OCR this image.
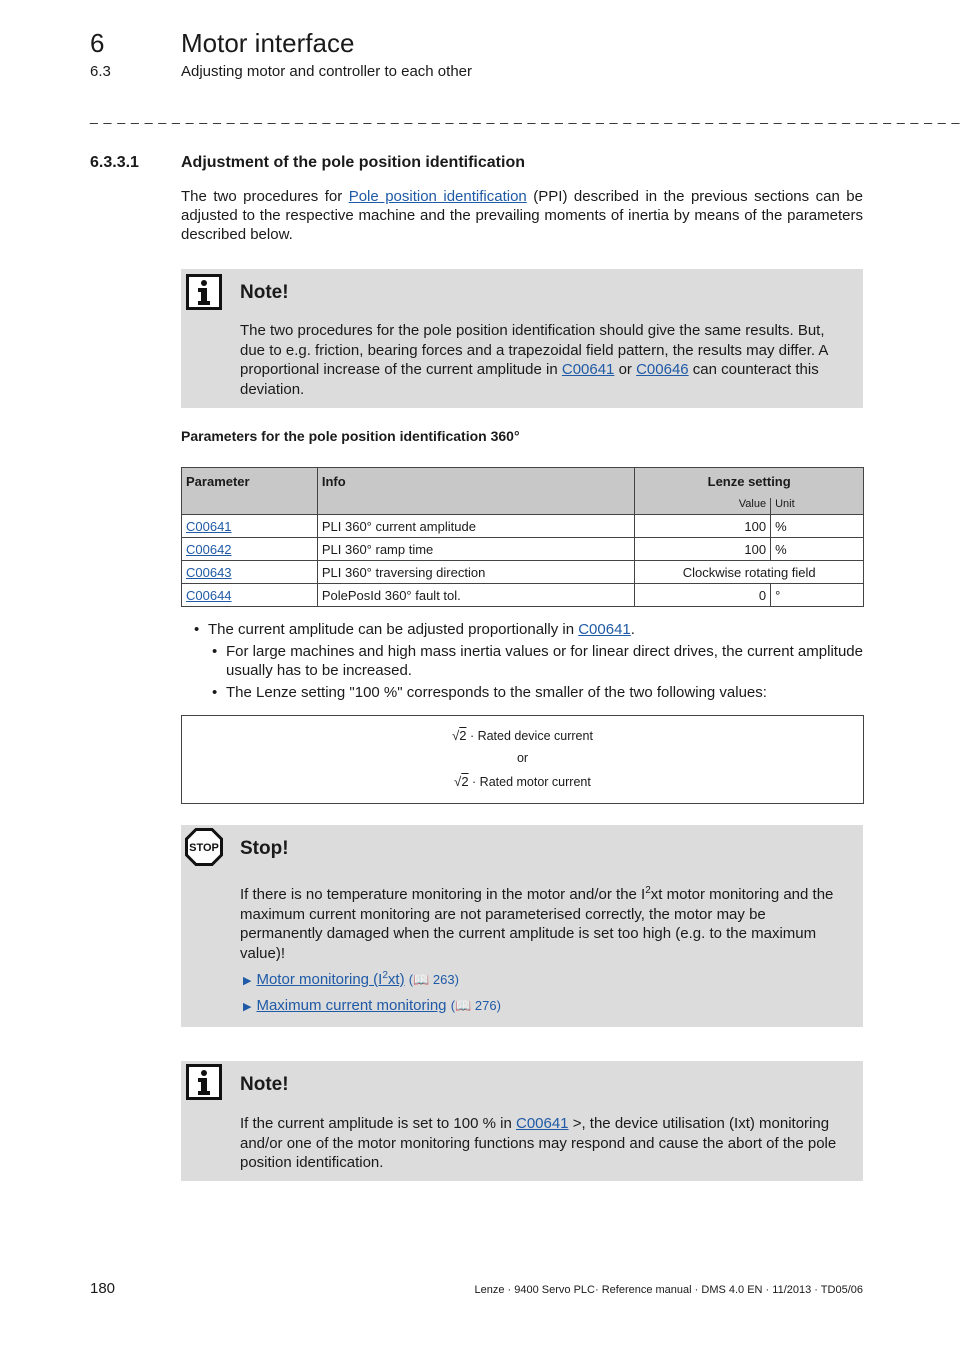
6	Motor interface
6.3	Adjusting motor and controller to each other
_ _ _ _ _ _ _ _ _ _ _ _ _ _ _ _ _ _ _ _ _ _ _ _ _ _ _ _ _ _ _ _ _ _ _ _ _ _ _ _ _ _ _ _ _ _ _ _ _ _ _ _ _ _ _ _ _ _ _ _ _ _ _ _
6.3.3.1	Adjustment of the pole position identification
The two procedures for Pole position identification (PPI) described in the previous sections can be adjusted to the respective machine and the prevailing moments of inertia by means of the parameters described below.
Note!
The two procedures for the pole position identification should give the same results. But, due to e.g. friction, bearing forces and a trapezoidal field pattern, the results may differ. A proportional increase of the current amplitude in C00641 or C00646 can counteract this deviation.
Parameters for the pole position identification 360°
Parameter	Info	Lenze setting	
		Value	Unit
C00641	PLI 360° current amplitude	100	%
C00642	PLI 360° ramp time	100	%
C00643	PLI 360° traversing direction	Clockwise rotating field	
C00644	PolePosId 360° fault tol.	0	°
• The current amplitude can be adjusted proportionally in C00641.
• For large machines and high mass inertia values or for linear direct drives, the current amplitude usually has to be increased.
• The Lenze setting "100 %" corresponds to the smaller of the two following values:
√2 · Rated device current
or
√2 · Rated motor current
STOP Stop!
If there is no temperature monitoring in the motor and/or the $I^2xt$ motor monitoring and the maximum current monitoring are not parameterised correctly, the motor may be permanently damaged when the current amplitude is set too high (e.g. to the maximum value)!
▶ Motor monitoring $(I^2xt)$ (📖 263)
▶ Maximum current monitoring (📖 276)
Note!
If the current amplitude is set to 100 % in C00641 >, the device utilisation (Ixt) monitoring and/or one of the motor monitoring functions may respond and cause the abort of the pole position identification.
180	Lenze · 9400 Servo PLC· Reference manual · DMS 4.0 EN · 11/2013 · TD05/06
